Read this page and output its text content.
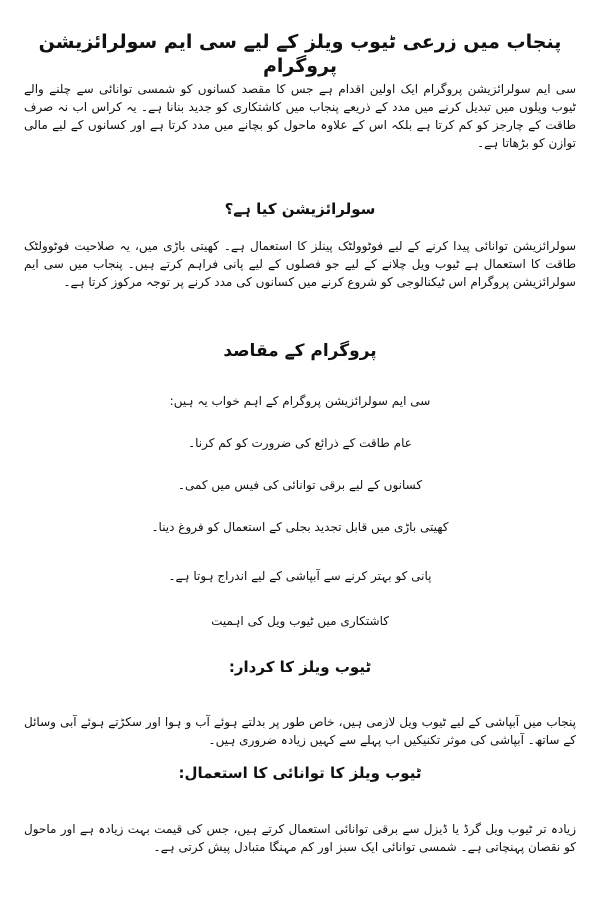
پنجاب میں زرعی ٹیوب ویلز کے لیے سی ایم سولرائزیشن پروگرام

سی ایم سولرائزیشن پروگرام ایک اولین اقدام ہے جس کا مقصد کسانوں کو شمسی توانائی سے چلنے والے ٹیوب ویلوں میں تبدیل کرنے میں مدد کے ذریعے پنجاب میں کاشتکاری کو جدید بنانا ہے۔ یہ کراس اب نہ صرف طاقت کے چارجز کو کم کرتا ہے بلکہ اس کے علاوہ ماحول کو بچانے میں مدد کرتا ہے اور کسانوں کے لیے مالی توازن کو بڑھاتا ہے۔

سولرائزیشن کیا ہے؟

سولرائزیشن توانائی پیدا کرنے کے لیے فوٹوولٹک پینلز کا استعمال ہے۔ کھیتی باڑی میں، یہ صلاحیت فوٹوولٹک طاقت کا استعمال ہے ٹیوب ویل چلانے کے لیے جو فصلوں کے لیے پانی فراہم کرتے ہیں۔ پنجاب میں سی ایم سولرائزیشن پروگرام اس ٹیکنالوجی کو شروع کرنے میں کسانوں کی مدد کرنے پر توجہ مرکوز کرتا ہے۔

پروگرام کے مقاصد

سی ایم سولرائزیشن پروگرام کے اہم خواب یہ ہیں:

عام طاقت کے ذرائع کی ضرورت کو کم کرنا۔

کسانوں کے لیے برقی توانائی کی فیس میں کمی۔

کھیتی باڑی میں قابل تجدید بجلی کے استعمال کو فروغ دینا۔

پانی کو بہتر کرنے سے آبپاشی کے لیے اندراج ہوتا ہے۔

کاشتکاری میں ٹیوب ویل کی اہمیت

ٹیوب ویلز کا کردار:

پنجاب میں آبپاشی کے لیے ٹیوب ویل لازمی ہیں، خاص طور پر بدلتے ہوئے آب و ہوا اور سکڑتے ہوئے آبی وسائل کے ساتھ۔ آبپاشی کی موثر تکنیکیں اب پہلے سے کہیں زیادہ ضروری ہیں۔

ٹیوب ویلز کا توانائی کا استعمال:

زیادہ تر ٹیوب ویل گرڈ یا ڈیزل سے برقی توانائی استعمال کرتے ہیں، جس کی قیمت بہت زیادہ ہے اور ماحول کو نقصان پہنچاتی ہے۔ شمسی توانائی ایک سبز اور کم مہنگا متبادل پیش کرتی ہے۔
